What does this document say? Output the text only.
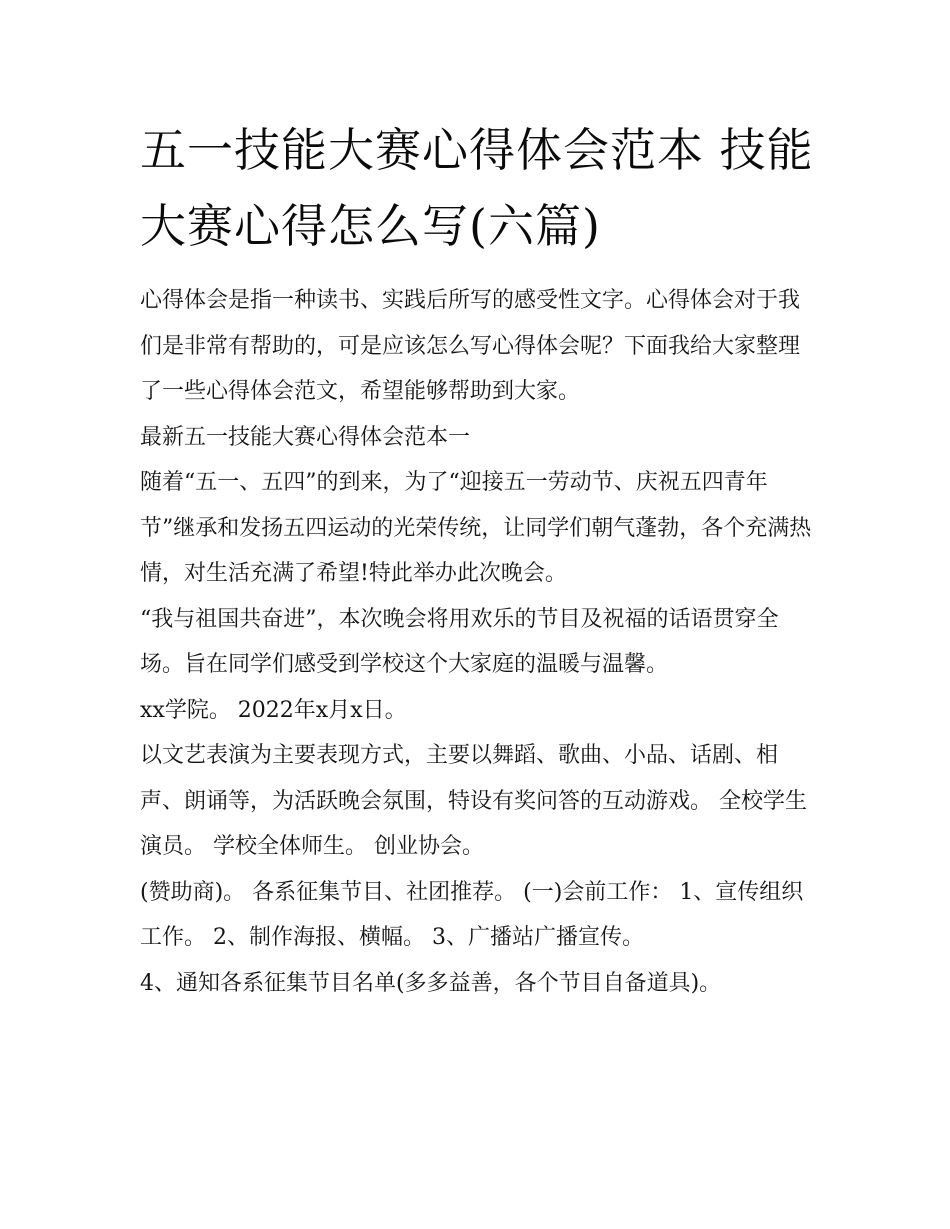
五一技能大赛心得体会范本 技能大赛心得怎么写(六篇)

心得体会是指一种读书、实践后所写的感受性文字。心得体会对于我们是非常有帮助的，可是应该怎么写心得体会呢？下面我给大家整理了一些心得体会范文，希望能够帮助到大家。

最新五一技能大赛心得体会范本一

随着“五一、五四”的到来，为了“迎接五一劳动节、庆祝五四青年节”继承和发扬五四运动的光荣传统，让同学们朝气蓬勃，各个充满热情，对生活充满了希望!特此举办此次晚会。

“我与祖国共奋进”，本次晚会将用欢乐的节目及祝福的话语贯穿全场。旨在同学们感受到学校这个大家庭的温暖与温馨。

xx学院。 2022年x月x日。

以文艺表演为主要表现方式，主要以舞蹈、歌曲、小品、话剧、相声、朗诵等，为活跃晚会氛围，特设有奖问答的互动游戏。 全校学生演员。 学校全体师生。 创业协会。

(赞助商)。 各系征集节目、社团推荐。 (一)会前工作： 1、宣传组织工作。 2、制作海报、横幅。 3、广播站广播宣传。

4、通知各系征集节目名单(多多益善，各个节目自备道具)。
